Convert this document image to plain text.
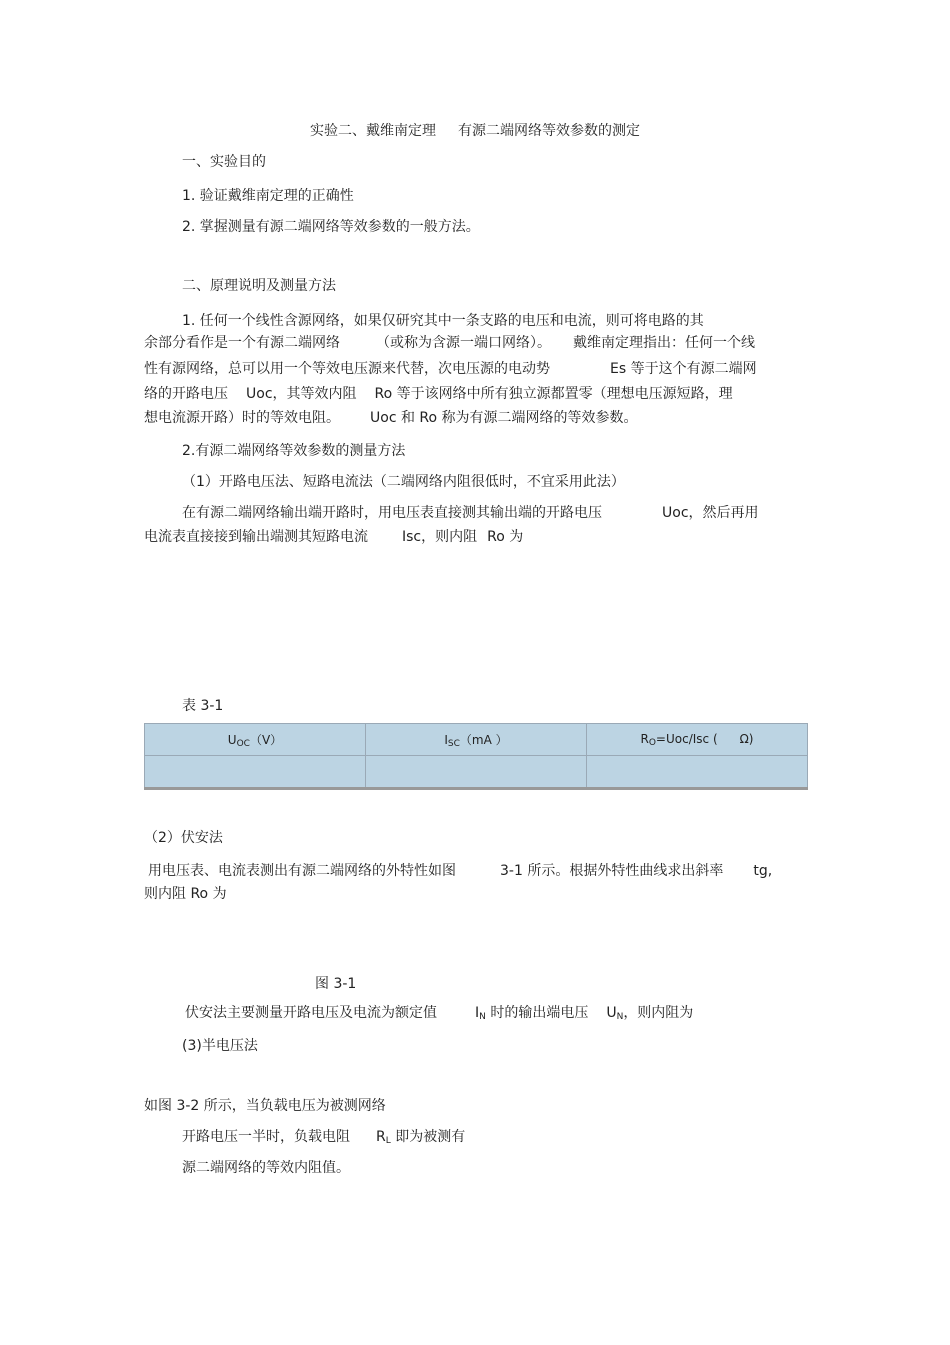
实验二、戴维南定理 有源二端网络等效参数的测定
一、实验目的
1. 验证戴维南定理的正确性
2. 掌握测量有源二端网络等效参数的一般方法。
二、原理说明及测量方法
1. 任何一个线性含源网络，如果仅研究其中一条支路的电压和电流，则可将电路的其
余部分看作是一个有源二端网络	（或称为含源一端口网络）。 戴维南定理指出：任何一个线
性有源网络，总可以用一个等效电压源来代替，次电压源的电动势	Es 等于这个有源二端网
络的开路电压 Uoc，其等效内阻 Ro 等于该网络中所有独立源都置零（理想电压源短路，理
想电流源开路）时的等效电阻。 Uoc 和 Ro 称为有源二端网络的等效参数。
2.有源二端网络等效参数的测量方法
（1）开路电压法、短路电流法（二端网络内阻很低时，不宜采用此法）
在有源二端网络输出端开路时，用电压表直接测其输出端的开路电压	Uoc，然后再用
电流表直接接到输出端测其短路电流 Isc，则内阻 Ro 为
表 3-1
$U_{OC}(V)$	$I_{SC}(mA$ ）	$R_O=Uoc$/Isc ( Ω)

（2）伏安法
用电压表、电流表测出有源二端网络的外特性如图	3-1 所示。根据外特性曲线求出斜率 tg,
则内阻 Ro 为
图 3-1
伏安法主要测量开路电压及电流为额定值	$I_N$ 时的输出端电压 $U_N$，则内阻为
(3)半电压法
如图 3-2 所示，当负载电压为被测网络
开路电压一半时，负载电阻 $R_L$ 即为被测有
源二端网络的等效内阻值。
